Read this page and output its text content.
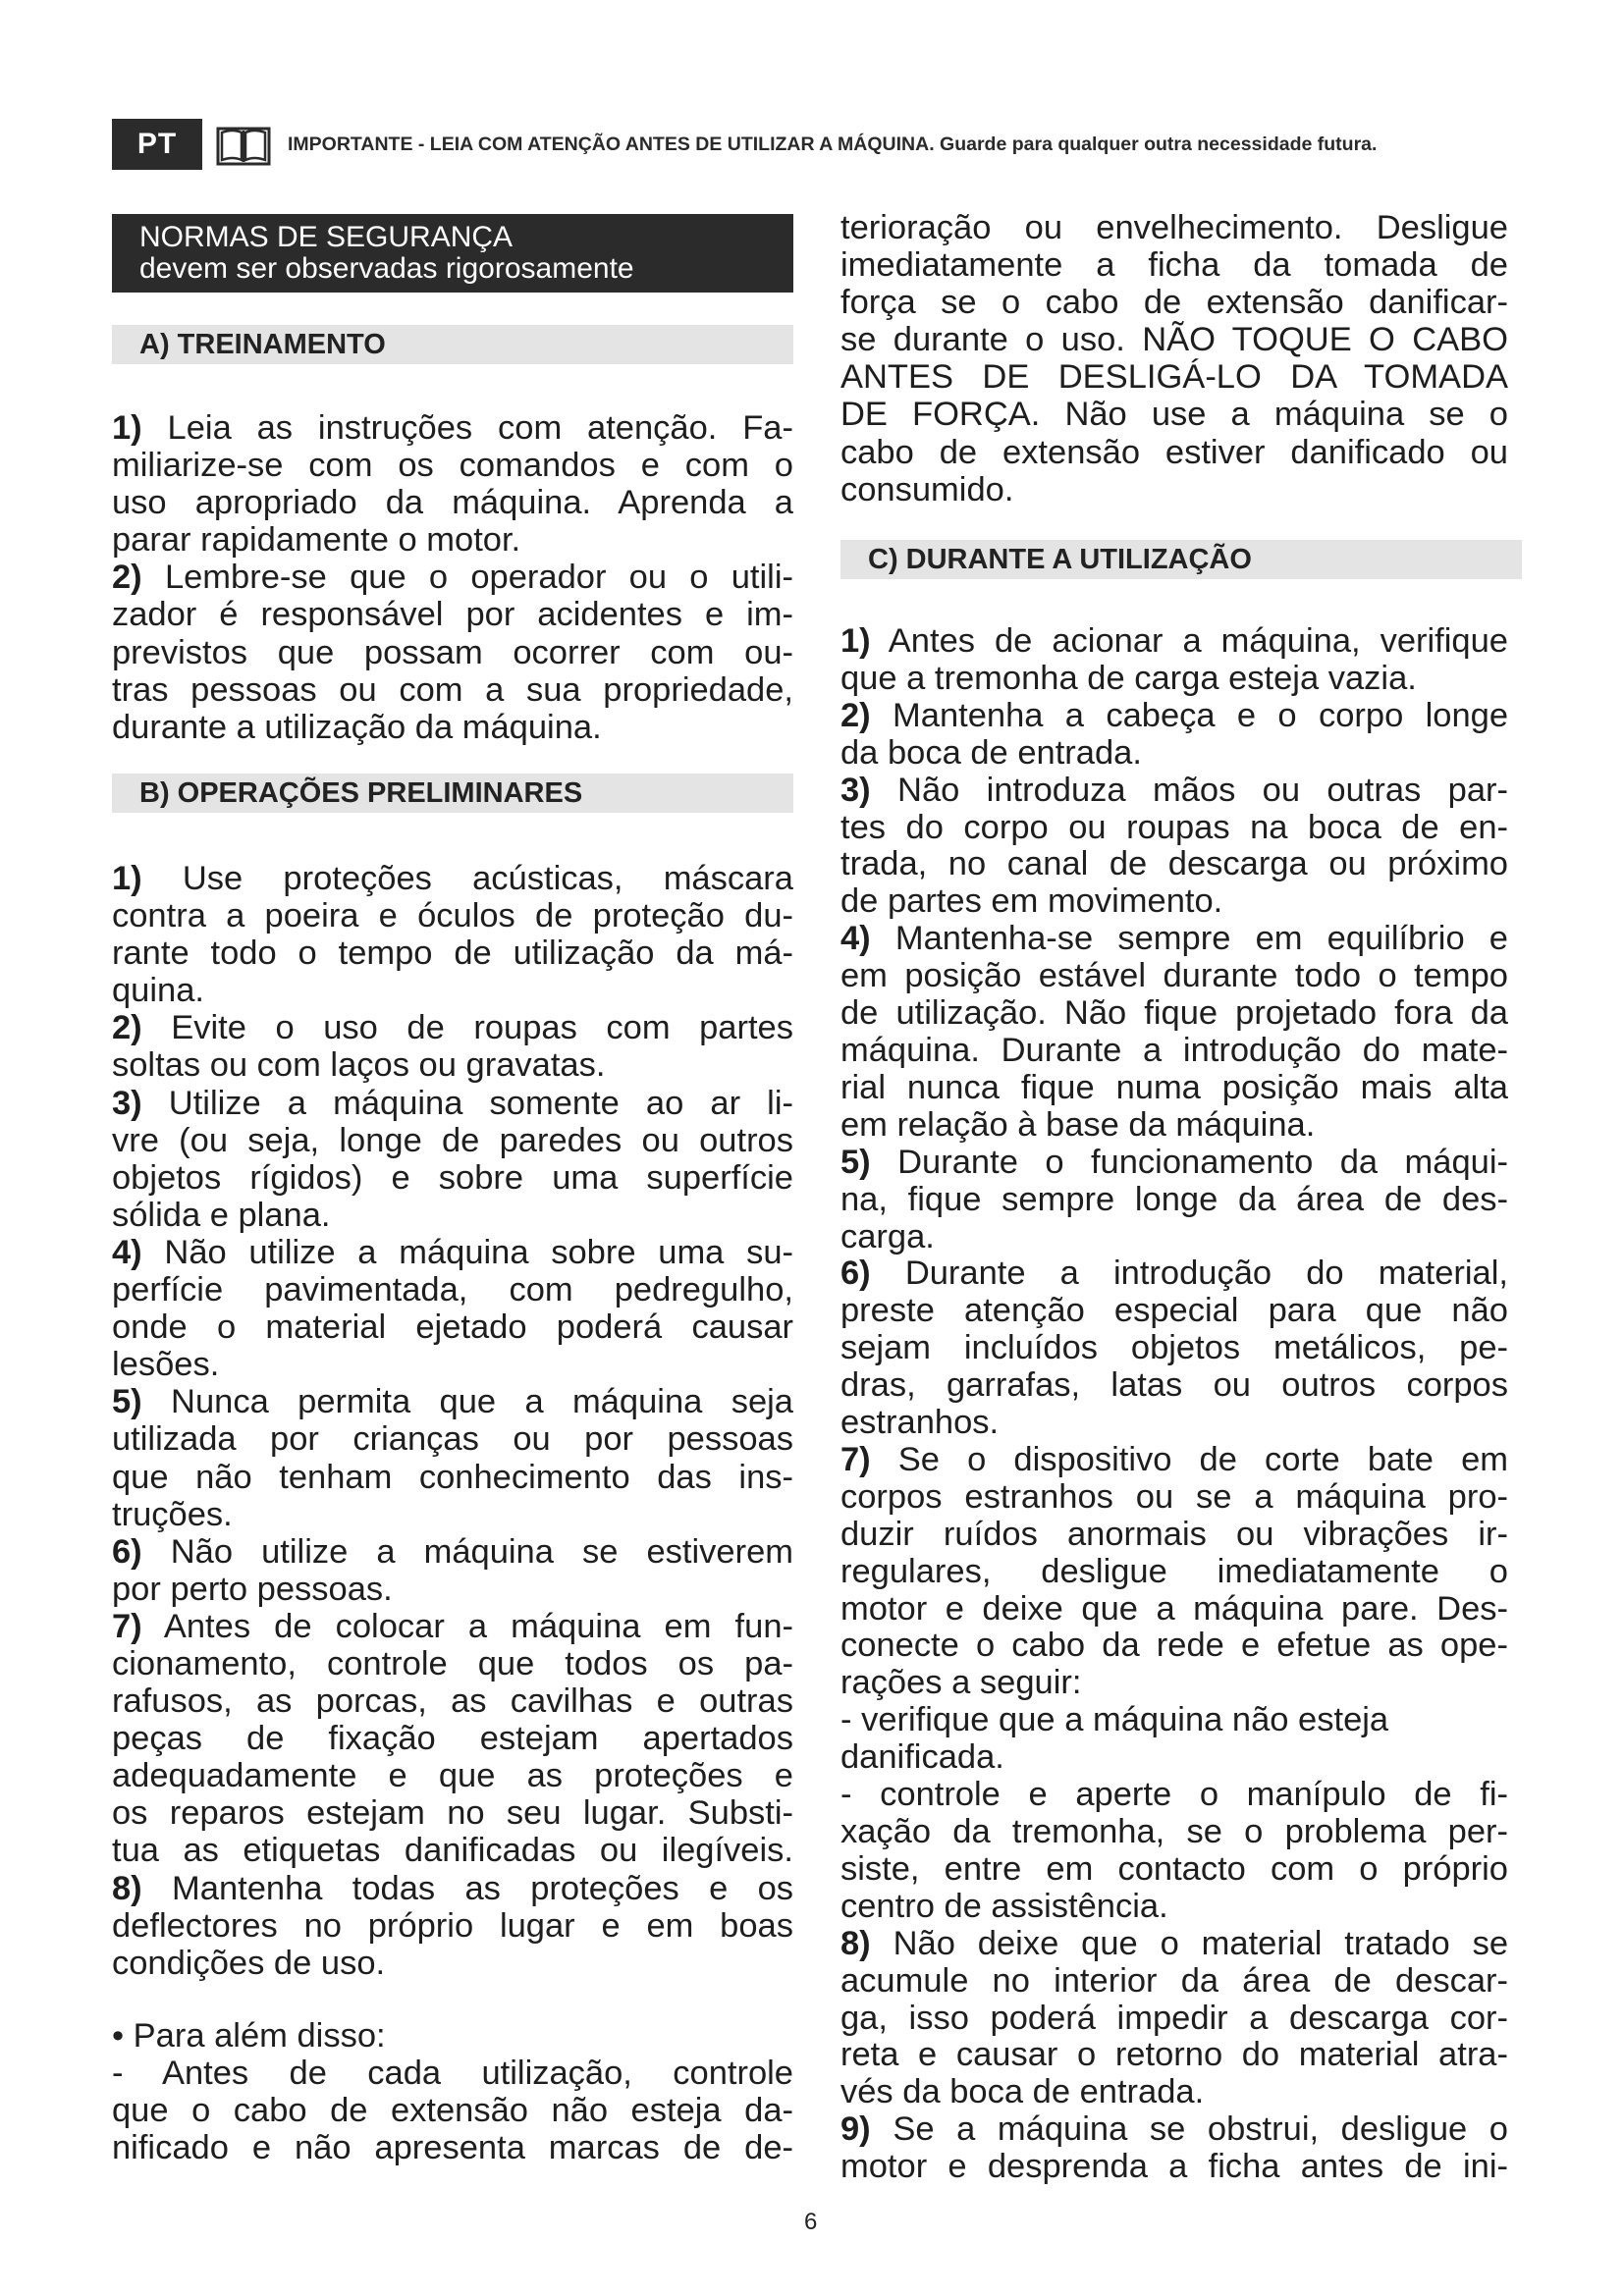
PT	IMPORTANTE - LEIA COM ATENÇÃO ANTES DE UTILIZAR A MÁQUINA. Guarde para qualquer outra necessidade futura.
NORMAS DE SEGURANÇA
devem ser observadas rigorosamente
A) TREINAMENTO

1) Leia as instruções com atenção. Fa-
miliarize-se com os comandos e com o
uso apropriado da máquina. Aprenda a
parar rapidamente o motor.
2) Lembre-se que o operador ou o utili-
zador é responsável por acidentes e im-
previstos que possam ocorrer com ou-
tras pessoas ou com a sua propriedade,
durante a utilização da máquina.

B) OPERAÇÕES PRELIMINARES

1) Use proteções acústicas, máscara
contra a poeira e óculos de proteção du-
rante todo o tempo de utilização da má-
quina.
2) Evite o uso de roupas com partes
soltas ou com laços ou gravatas.
3) Utilize a máquina somente ao ar li-
vre (ou seja, longe de paredes ou outros
objetos rígidos) e sobre uma superfície
sólida e plana.
4) Não utilize a máquina sobre uma su-
perfície pavimentada, com pedregulho,
onde o material ejetado poderá causar
lesões.
5) Nunca permita que a máquina seja
utilizada por crianças ou por pessoas
que não tenham conhecimento das ins-
truções.
6) Não utilize a máquina se estiverem
por perto pessoas.
7) Antes de colocar a máquina em fun-
cionamento, controle que todos os pa-
rafusos, as porcas, as cavilhas e outras
peças de fixação estejam apertados
adequadamente e que as proteções e
os reparos estejam no seu lugar. Substi-
tua as etiquetas danificadas ou ilegíveis.
8) Mantenha todas as proteções e os
deflectores no próprio lugar e em boas
condições de uso.
• Para além disso:
- Antes de cada utilização, controle
que o cabo de extensão não esteja da-
nificado e não apresenta marcas de de-

terioração ou envelhecimento. Desligue
imediatamente a ficha da tomada de
força se o cabo de extensão danificar-
se durante o uso. NÃO TOQUE O CABO
ANTES DE DESLIGÁ-LO DA TOMADA
DE FORÇA. Não use a máquina se o
cabo de extensão estiver danificado ou
consumido.

C) DURANTE A UTILIZAÇÃO

1) Antes de acionar a máquina, verifique
que a tremonha de carga esteja vazia.
2) Mantenha a cabeça e o corpo longe
da boca de entrada.
3) Não introduza mãos ou outras par-
tes do corpo ou roupas na boca de en-
trada, no canal de descarga ou próximo
de partes em movimento.
4) Mantenha-se sempre em equilíbrio e
em posição estável durante todo o tempo
de utilização. Não fique projetado fora da
máquina. Durante a introdução do mate-
rial nunca fique numa posição mais alta
em relação à base da máquina.
5) Durante o funcionamento da máqui-
na, fique sempre longe da área de des-
carga.
6) Durante a introdução do material,
preste atenção especial para que não
sejam incluídos objetos metálicos, pe-
dras, garrafas, latas ou outros corpos
estranhos.
7) Se o dispositivo de corte bate em
corpos estranhos ou se a máquina pro-
duzir ruídos anormais ou vibrações ir-
regulares, desligue imediatamente o
motor e deixe que a máquina pare. Des-
conecte o cabo da rede e efetue as ope-
rações a seguir:
- verifique que a máquina não esteja
danificada.
- controle e aperte o manípulo de fi-
xação da tremonha, se o problema per-
siste, entre em contacto com o próprio
centro de assistência.
8) Não deixe que o material tratado se
acumule no interior da área de descar-
ga, isso poderá impedir a descarga cor-
reta e causar o retorno do material atra-
vés da boca de entrada.
9) Se a máquina se obstrui, desligue o
motor e desprenda a ficha antes de ini-

6
